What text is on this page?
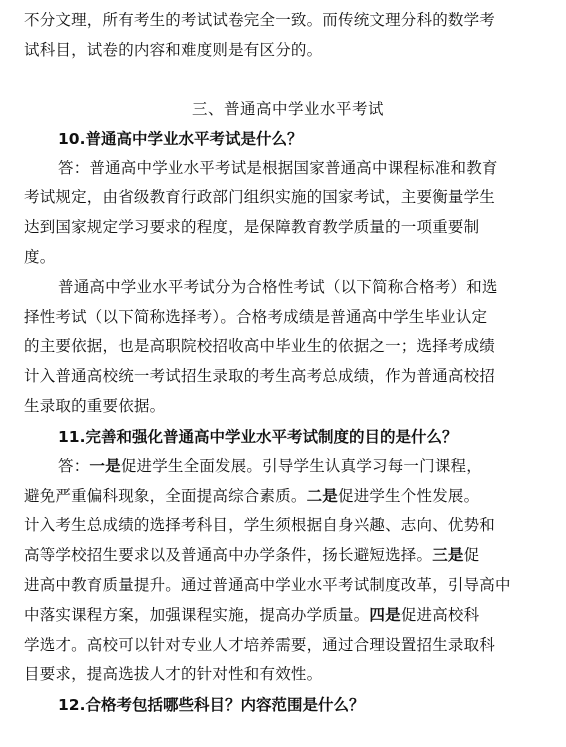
不分文理，所有考生的考试试卷完全一致。而传统文理分科的数学考
试科目，试卷的内容和难度则是有区分的。
三、普通高中学业水平考试
10.普通高中学业水平考试是什么？
答：普通高中学业水平考试是根据国家普通高中课程标准和教育
考试规定，由省级教育行政部门组织实施的国家考试，主要衡量学生
达到国家规定学习要求的程度，是保障教育教学质量的一项重要制
度。
普通高中学业水平考试分为合格性考试（以下简称合格考）和选
择性考试（以下简称选择考）。合格考成绩是普通高中学生毕业认定
的主要依据，也是高职院校招收高中毕业生的依据之一；选择考成绩
计入普通高校统一考试招生录取的考生高考总成绩，作为普通高校招
生录取的重要依据。
11.完善和强化普通高中学业水平考试制度的目的是什么？
答：一是促进学生全面发展。引导学生认真学习每一门课程，
避免严重偏科现象，全面提高综合素质。二是促进学生个性发展。
计入考生总成绩的选择考科目，学生须根据自身兴趣、志向、优势和
高等学校招生要求以及普通高中办学条件，扬长避短选择。三是促
进高中教育质量提升。通过普通高中学业水平考试制度改革，引导高中
中落实课程方案，加强课程实施，提高办学质量。四是促进高校科
学选才。高校可以针对专业人才培养需要，通过合理设置招生录取科
目要求，提高选拔人才的针对性和有效性。
12.合格考包括哪些科目？内容范围是什么？
